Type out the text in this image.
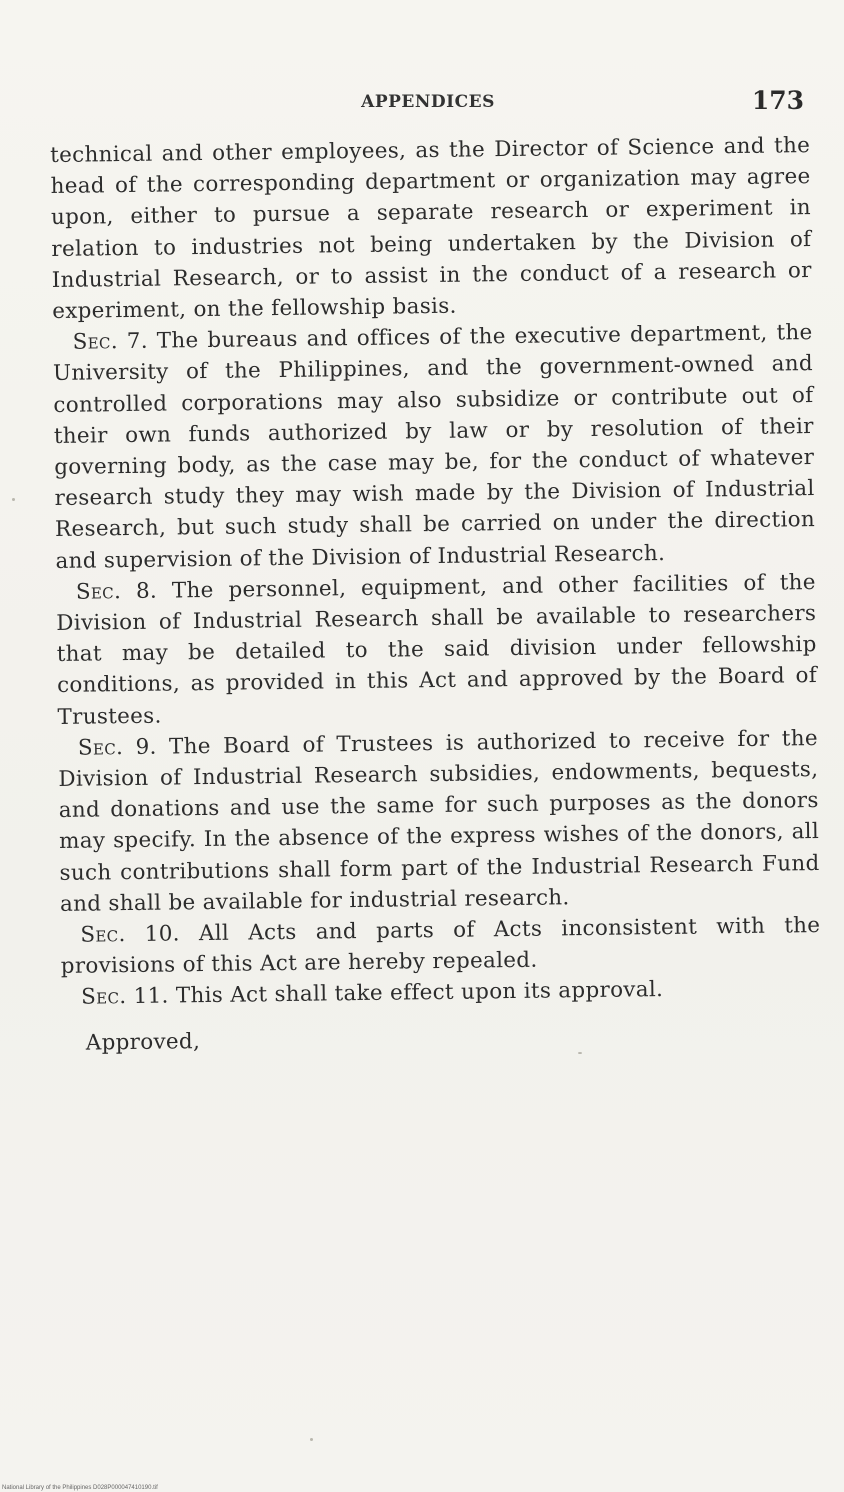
APPENDICES	173

technical and other employees, as the Director of Science and the head of the corresponding department or organization may agree upon, either to pursue a separate research or experiment in relation to industries not being undertaken by the Division of Industrial Research, or to assist in the conduct of a research or experiment, on the fellowship basis.

Sec. 7. The bureaus and offices of the executive department, the University of the Philippines, and the government-owned and controlled corporations may also subsidize or contribute out of their own funds authorized by law or by resolution of their governing body, as the case may be, for the conduct of whatever research study they may wish made by the Division of Industrial Research, but such study shall be carried on under the direction and supervision of the Division of Industrial Research.

Sec. 8. The personnel, equipment, and other facilities of the Division of Industrial Research shall be available to researchers that may be detailed to the said division under fellowship conditions, as provided in this Act and approved by the Board of Trustees.

Sec. 9. The Board of Trustees is authorized to receive for the Division of Industrial Research subsidies, endowments, bequests, and donations and use the same for such purposes as the donors may specify. In the absence of the express wishes of the donors, all such contributions shall form part of the Industrial Research Fund and shall be available for industrial research.

Sec. 10. All Acts and parts of Acts inconsistent with the provisions of this Act are hereby repealed.

Sec. 11. This Act shall take effect upon its approval.

Approved,

National Library of the Philippines D028P000047410190.tif
